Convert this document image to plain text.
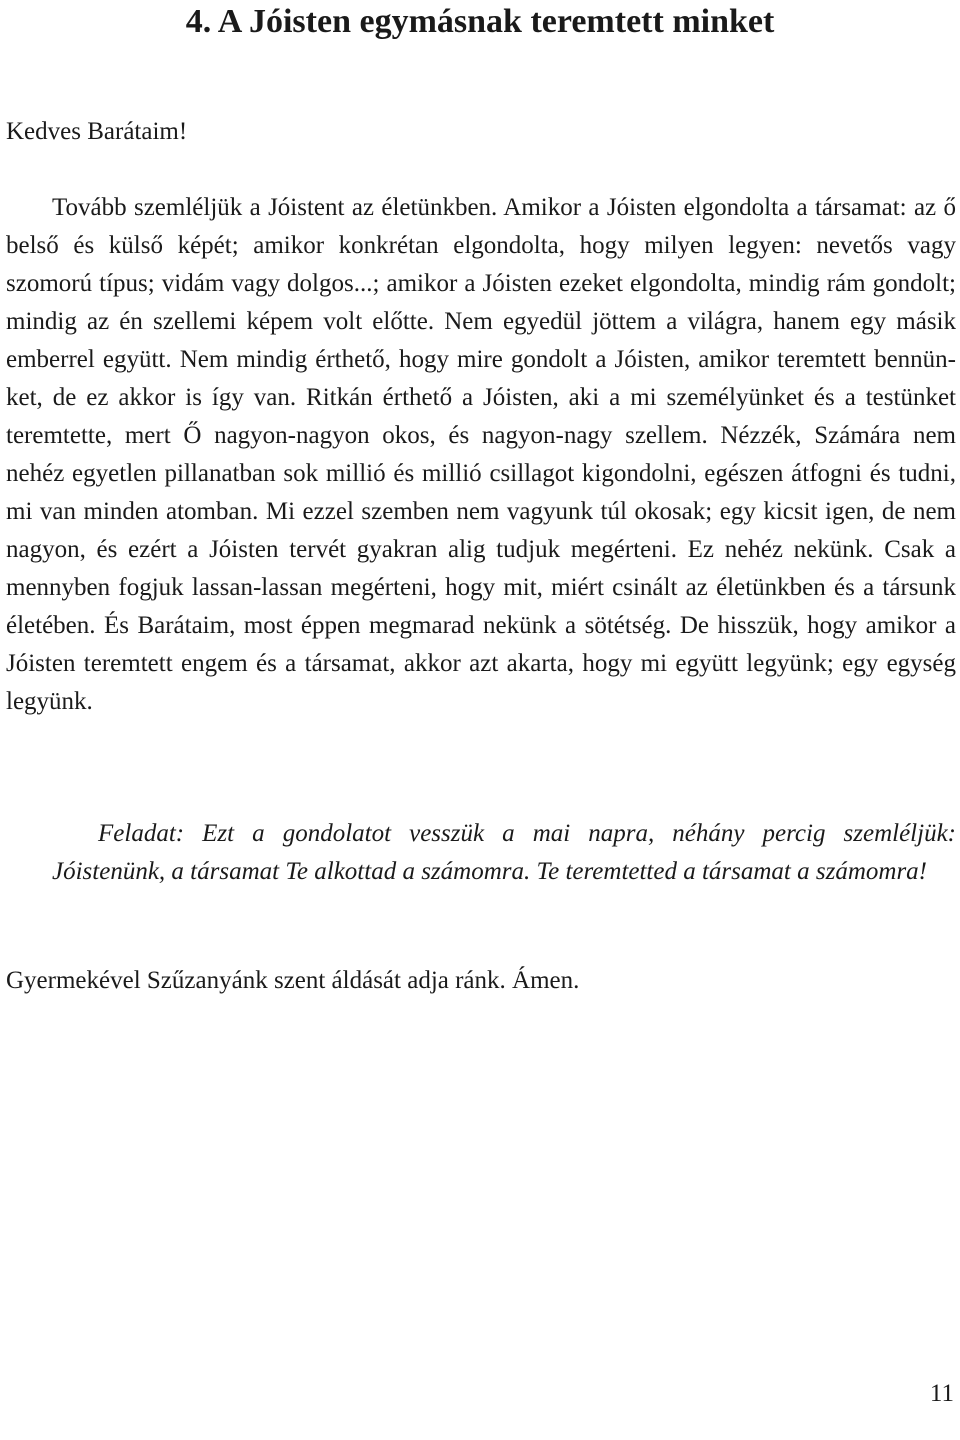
4. A Jóisten egymásnak teremtett minket

Kedves Barátaim!

Tovább szemléljük a Jóistent az életünkben. Amikor a Jóisten elgondolta a társamat: az ő belső és külső képét; amikor konkrétan elgondolta, hogy milyen legyen: nevetős vagy szomorú típus; vidám vagy dolgos...; amikor a Jóisten ezeket elgondolta, mindig rám gondolt; mindig az én szellemi képem volt előtte. Nem egyedül jöttem a világra, hanem egy másik emberrel együtt. Nem mindig érthető, hogy mire gondolt a Jóisten, amikor teremtett bennünket, de ez akkor is így van. Ritkán érthető a Jóisten, aki a mi személyünket és a testünket teremtette, mert Ő nagyon-nagyon okos, és nagyon-nagy szellem. Nézzék, Számára nem nehéz egyetlen pillanatban sok millió és millió csillagot kigondolni, egészen átfogni és tudni, mi van minden atomban. Mi ezzel szemben nem vagyunk túl okosak; egy kicsit igen, de nem nagyon, és ezért a Jóisten tervét gyakran alig tudjuk megérteni. Ez nehéz nekünk. Csak a mennyben fogjuk lassan-lassan megérteni, hogy mit, miért csinált az életünkben és a társunk életében. És Barátaim, most éppen megmarad nekünk a sötétség. De hisszük, hogy amikor a Jóisten teremtett engem és a társamat, akkor azt akarta, hogy mi együtt legyünk; egy egység legyünk.

Feladat: Ezt a gondolatot vesszük a mai napra, néhány percig szemléljük: Jóistenünk, a társamat Te alkottad a számomra. Te teremtetted a társamat a számomra!

Gyermekével Szűzanyánk szent áldását adja ránk. Ámen.

11
